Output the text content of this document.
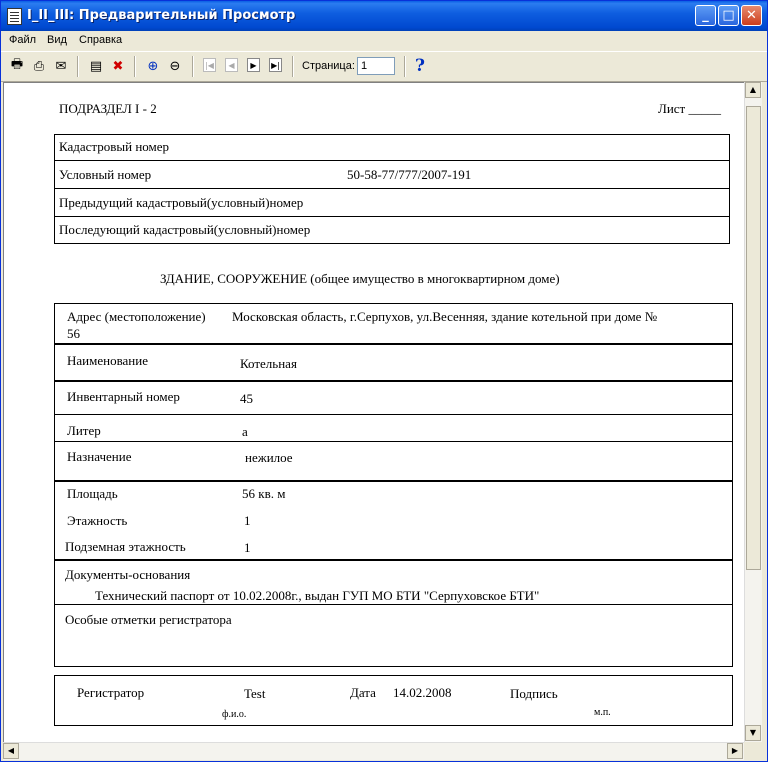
I_II_III: Предварительный Просмотр	_	□ ✕
Файл Вид Справка
🖶 ⎙ ✉ ▤ ✖ ⊕ ⊖	|◀	◀	▶	▶| Страница: 1	?
ПОДРАЗДЕЛ I - 2	Лист _____
Кадастровый номер
Условный номер	50-58-77/777/2007-191
Предыдущий кадастровый(условный)номер
Последующий кадастровый(условный)номер
ЗДАНИЕ, СООРУЖЕНИЕ (общее имущество в многоквартирном доме)
Адрес (местоположение) Московская область, г.Серпухов, ул.Весенняя, здание котельной при доме №
56
Наименование	Котельная
Инвентарный номер	45
Литер	а
Назначение	нежилое
Площадь	56 кв. м
Этажность	1
Подземная этажность	1
Документы-основания
Технический паспорт от 10.02.2008г., выдан ГУП МО БТИ "Серпуховское БТИ"
Особые отметки регистратора
Регистратор	Test
ф.и.о.
Дата 14.02.2008	Подпись
м.п.
▲
▼
◀	▶
